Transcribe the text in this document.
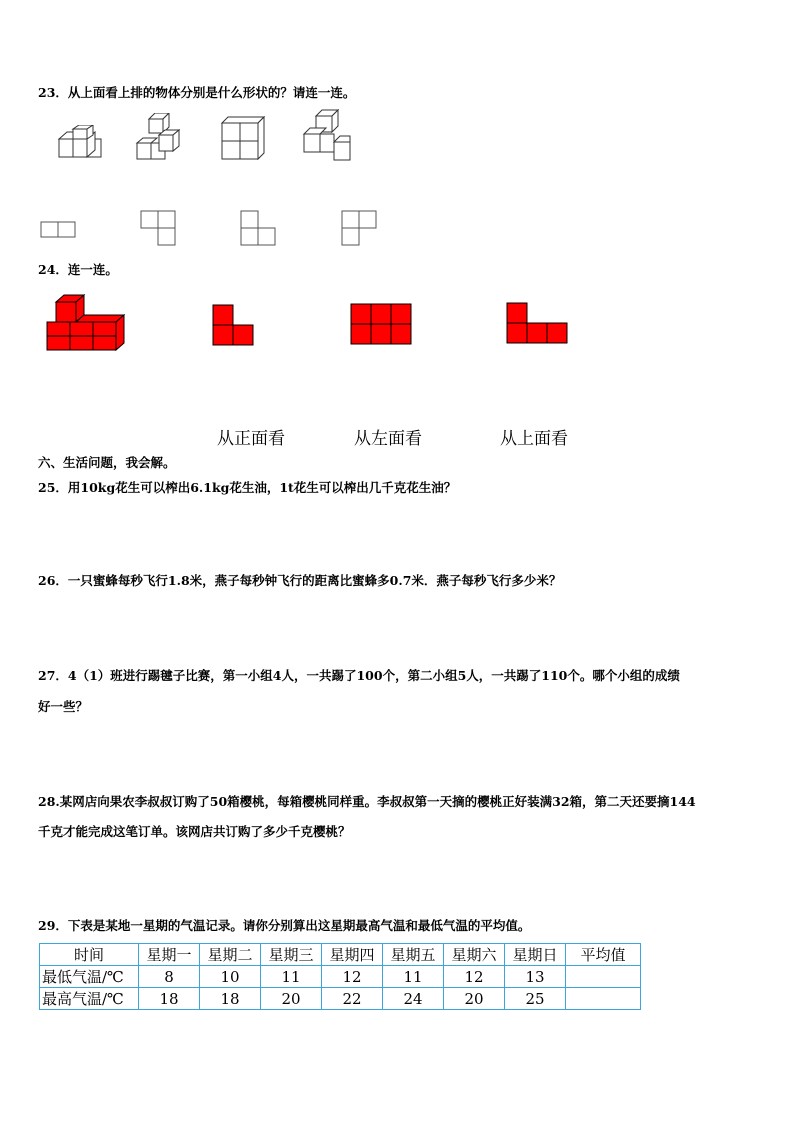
23．从上面看上排的物体分别是什么形状的？请连一连。
24．连一连。
从正面看	从左面看	从上面看
六、生活问题，我会解。
25．用10kg花生可以榨出6.1kg花生油，1t花生可以榨出几千克花生油？
26．一只蜜蜂每秒飞行1.8米，燕子每秒钟飞行的距离比蜜蜂多0.7米．燕子每秒飞行多少米？
27．4（1）班进行踢毽子比赛，第一小组4人，一共踢了100个，第二小组5人，一共踢了110个。哪个小组的成绩
好一些？
28.某网店向果农李叔叔订购了50箱樱桃，每箱樱桃同样重。李叔叔第一天摘的樱桃正好装满32箱，第二天还要摘144
千克才能完成这笔订单。该网店共订购了多少千克樱桃？
29．下表是某地一星期的气温记录。请你分别算出这星期最高气温和最低气温的平均值。
时间	星期一	星期二	星期三	星期四	星期五	星期六	星期日	平均值
最低气温/℃	8	10	11	12	11	12	13	
最高气温/℃	18	18	20	22	24	20	25	
